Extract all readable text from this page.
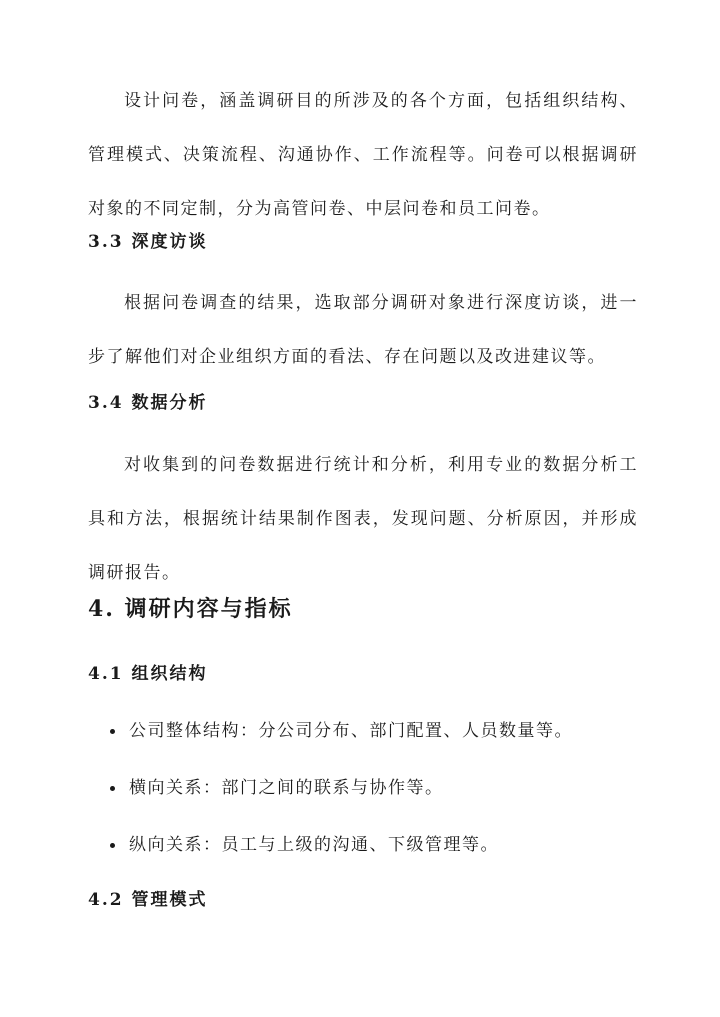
设计问卷，涵盖调研目的所涉及的各个方面，包括组织结构、管理模式、决策流程、沟通协作、工作流程等。问卷可以根据调研对象的不同定制，分为高管问卷、中层问卷和员工问卷。

3.3 深度访谈

根据问卷调查的结果，选取部分调研对象进行深度访谈，进一步了解他们对企业组织方面的看法、存在问题以及改进建议等。

3.4 数据分析

对收集到的问卷数据进行统计和分析，利用专业的数据分析工具和方法，根据统计结果制作图表，发现问题、分析原因，并形成调研报告。

4. 调研内容与指标
4.1 组织结构
公司整体结构：分公司分布、部门配置、人员数量等。
横向关系：部门之间的联系与协作等。
纵向关系：员工与上级的沟通、下级管理等。
4.2 管理模式
